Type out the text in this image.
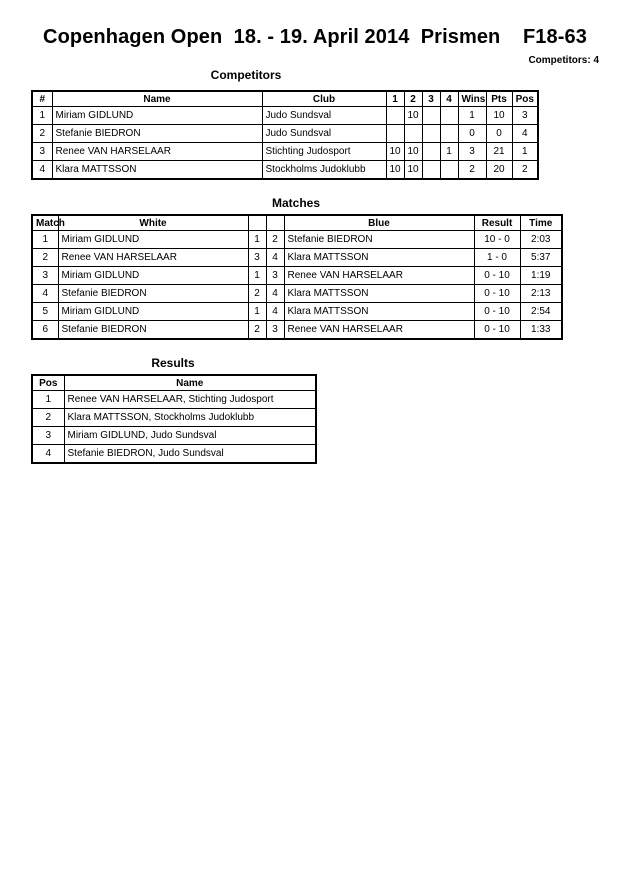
Copenhagen Open  18. - 19. April 2014  Prismen    F18-63
Competitors: 4
Competitors
#	Name	Club	1	2	3	4	Wins	Pts	Pos
1	Miriam GIDLUND	Judo Sundsval		10			1	10	3
2	Stefanie BIEDRON	Judo Sundsval					0	0	4
3	Renee VAN HARSELAAR	Stichting Judosport	10	10		1	3	21	1
4	Klara MATTSSON	Stockholms Judoklubb	10	10			2	20	2
Matches
Match	White			Blue	Result	Time
1	Miriam GIDLUND	1	2	Stefanie BIEDRON	10 - 0	2:03
2	Renee VAN HARSELAAR	3	4	Klara MATTSSON	1 - 0	5:37
3	Miriam GIDLUND	1	3	Renee VAN HARSELAAR	0 - 10	1:19
4	Stefanie BIEDRON	2	4	Klara MATTSSON	0 - 10	2:13
5	Miriam GIDLUND	1	4	Klara MATTSSON	0 - 10	2:54
6	Stefanie BIEDRON	2	3	Renee VAN HARSELAAR	0 - 10	1:33
Results
Pos	Name
1	Renee VAN HARSELAAR, Stichting Judosport
2	Klara MATTSSON, Stockholms Judoklubb
3	Miriam GIDLUND, Judo Sundsval
4	Stefanie BIEDRON, Judo Sundsval
